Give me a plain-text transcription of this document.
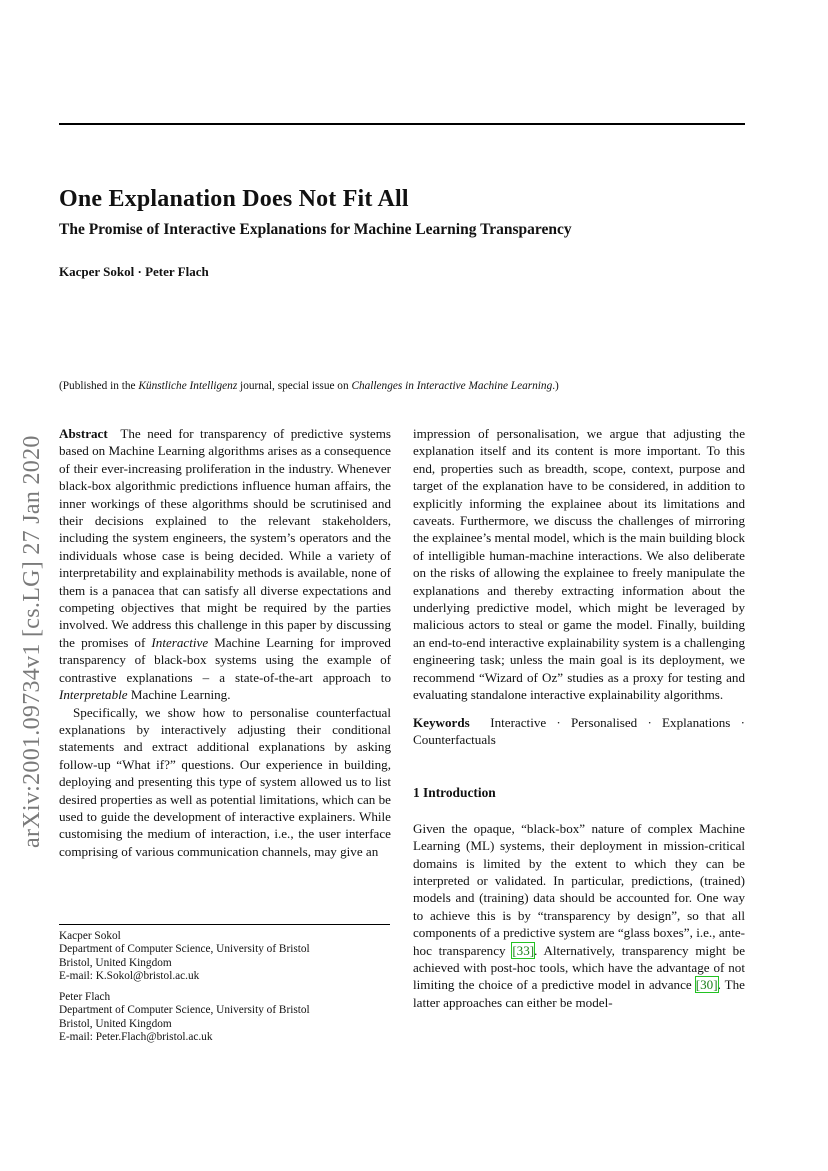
One Explanation Does Not Fit All
The Promise of Interactive Explanations for Machine Learning Transparency
Kacper Sokol · Peter Flach
(Published in the Künstliche Intelligenz journal, special issue on Challenges in Interactive Machine Learning.)
arXiv:2001.09734v1 [cs.LG] 27 Jan 2020

Abstract The need for transparency of predictive systems based on Machine Learning algorithms arises as a consequence of their ever-increasing proliferation in the industry. Whenever black-box algorithmic predictions influence human affairs, the inner workings of these algorithms should be scrutinised and their decisions explained to the relevant stakeholders, including the system engineers, the system’s operators and the individuals whose case is being decided. While a variety of interpretability and explainability methods is available, none of them is a panacea that can satisfy all diverse expectations and competing objectives that might be required by the parties involved. We address this challenge in this paper by discussing the promises of Interactive Machine Learning for improved transparency of black-box systems using the example of contrastive explanations – a state-of-the-art approach to Interpretable Machine Learning.

Specifically, we show how to personalise counterfactual explanations by interactively adjusting their conditional statements and extract additional explanations by asking follow-up “What if?” questions. Our experience in building, deploying and presenting this type of system allowed us to list desired properties as well as potential limitations, which can be used to guide the development of interactive explainers. While customising the medium of interaction, i.e., the user interface comprising of various communication channels, may give an

impression of personalisation, we argue that adjusting the explanation itself and its content is more important. To this end, properties such as breadth, scope, context, purpose and target of the explanation have to be considered, in addition to explicitly informing the explainee about its limitations and caveats. Furthermore, we discuss the challenges of mirroring the explainee’s mental model, which is the main building block of intelligible human-machine interactions. We also deliberate on the risks of allowing the explainee to freely manipulate the explanations and thereby extracting information about the underlying predictive model, which might be leveraged by malicious actors to steal or game the model. Finally, building an end-to-end interactive explainability system is a challenging engineering task; unless the main goal is its deployment, we recommend “Wizard of Oz” studies as a proxy for testing and evaluating standalone interactive explainability algorithms.

Keywords Interactive · Personalised · Explanations · Counterfactuals

1 Introduction

Given the opaque, “black-box” nature of complex Machine Learning (ML) systems, their deployment in mission-critical domains is limited by the extent to which they can be interpreted or validated. In particular, predictions, (trained) models and (training) data should be accounted for. One way to achieve this is by “transparency by design”, so that all components of a predictive system are “glass boxes”, i.e., ante-hoc transparency [33]. Alternatively, transparency might be achieved with post-hoc tools, which have the advantage of not limiting the choice of a predictive model in advance [30]. The latter approaches can either be model-

Kacper Sokol
Department of Computer Science, University of Bristol
Bristol, United Kingdom
E-mail: K.Sokol@bristol.ac.uk
Peter Flach
Department of Computer Science, University of Bristol
Bristol, United Kingdom
E-mail: Peter.Flach@bristol.ac.uk
